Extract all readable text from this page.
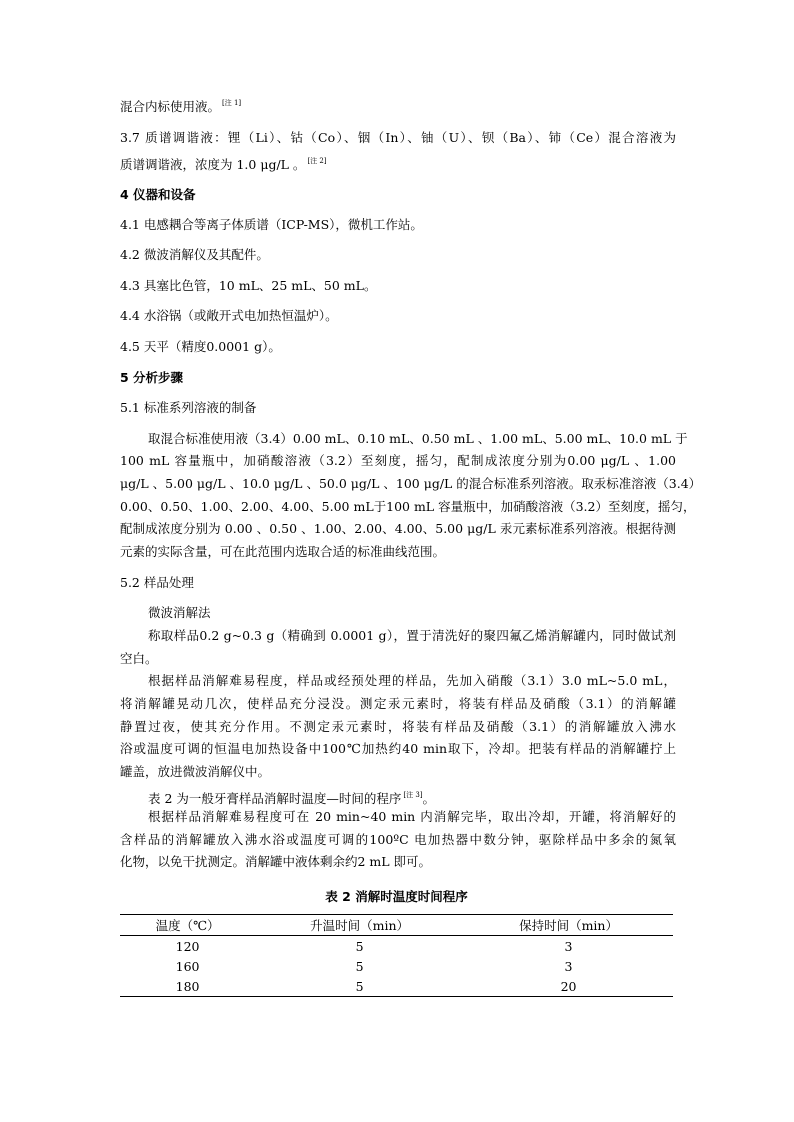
混合内标使用液。 [注 1]

3.7 质谱调谐液：锂（Li）、钴（Co）、铟（In）、铀（U）、钡（Ba）、铈（Ce）混合溶液为

质谱调谐液，浓度为 1.0 μg/L 。 [注 2]

4 仪器和设备

4.1 电感耦合等离子体质谱（ICP-MS），微机工作站。

4.2 微波消解仪及其配件。

4.3 具塞比色管，10 mL、25 mL、50 mL。

4.4 水浴锅（或敞开式电加热恒温炉）。

4.5 天平（精度0.0001 g）。

5 分析步骤

5.1 标准系列溶液的制备

取混合标准使用液（3.4）0.00 mL、0.10 mL、0.50 mL 、1.00 mL、5.00 mL、10.0 mL 于

100 mL 容量瓶中，加硝酸溶液（3.2）至刻度，摇匀，配制成浓度分别为0.00 μg/L 、1.00

μg/L 、5.00 μg/L 、10.0 μg/L 、50.0 μg/L 、100 μg/L 的混合标准系列溶液。取汞标准溶液（3.4）

0.00、0.50、1.00、2.00、4.00、5.00 mL于100 mL 容量瓶中，加硝酸溶液（3.2）至刻度，摇匀，

配制成浓度分别为 0.00 、0.50 、1.00、2.00、4.00、5.00 μg/L 汞元素标准系列溶液。根据待测

元素的实际含量，可在此范围内选取合适的标准曲线范围。

5.2 样品处理

微波消解法

称取样品0.2 g~0.3 g（精确到 0.0001 g），置于清洗好的聚四氟乙烯消解罐内，同时做试剂

空白。

根据样品消解难易程度，样品或经预处理的样品，先加入硝酸（3.1）3.0 mL~5.0 mL，

将消解罐晃动几次，使样品充分浸没。测定汞元素时，将装有样品及硝酸（3.1）的消解罐

静置过夜，使其充分作用。不测定汞元素时，将装有样品及硝酸（3.1）的消解罐放入沸水

浴或温度可调的恒温电加热设备中100℃加热约40 min取下，冷却。把装有样品的消解罐拧上

罐盖，放进微波消解仪中。

表 2 为一般牙膏样品消解时温度—时间的程序 [注 3]。

根据样品消解难易程度可在 20 min~40 min 内消解完毕，取出冷却，开罐，将消解好的

含样品的消解罐放入沸水浴或温度可调的100ºC 电加热器中数分钟，驱除样品中多余的氮氧

化物，以免干扰测定。消解罐中液体剩余约2 mL 即可。

表 2 消解时温度时间程序
温度（℃）	升温时间（min）	保持时间（min）
120	5	3
160	5	3
180	5	20
